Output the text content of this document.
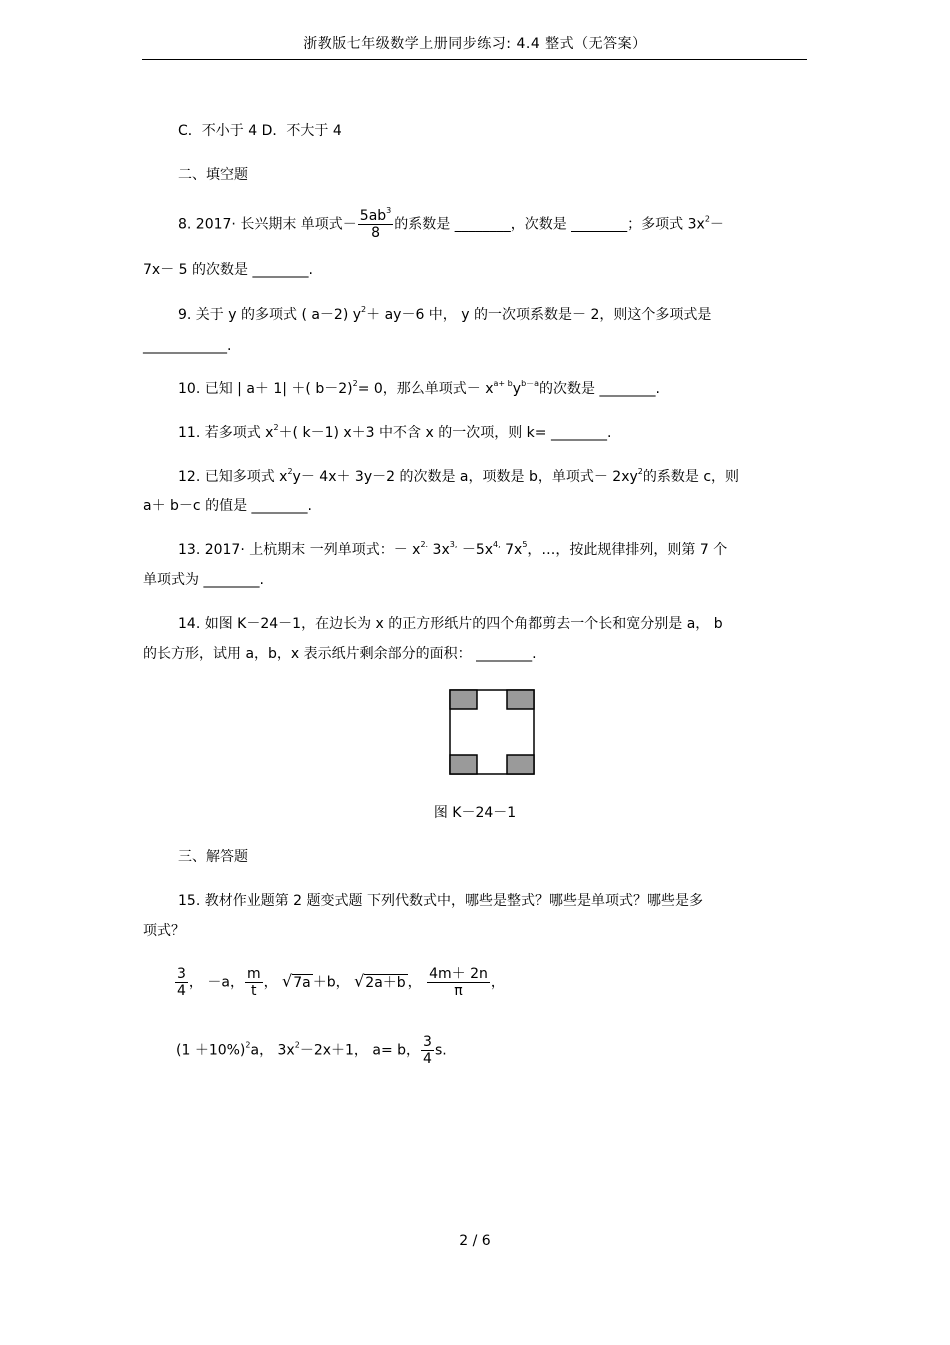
浙教版七年级数学上册同步练习: 4.4 整式（无答案）
C．不小于 4 D．不大于 4
二、填空题
8. 2017· 长兴期末 单项式－ $\frac{5ab^3}{8}$ 的系数是 ________，次数是 ________；多项式 $3x^2-$
7x－ 5 的次数是 ________.
9. 关于 y 的多项式 ( a－2) $y^2+ ay-6$ 中， y 的一次项系数是－ 2，则这个多项式是
____________.
10. 已知 | a＋ 1| ＋( b－2)$^2$= 0，那么单项式－ $x^{a+ b}y^{b-a}$的次数是 ________.
11. 若多项式 $x^2+$( k－1) x＋3 中不含 x 的一次项，则 k= ________.
12. 已知多项式 $x^2y- 4x+ 3y-2$ 的次数是 a，项数是 b，单项式－ $2xy^2$的系数是 c，则
a＋ b－c 的值是 ________.
13. 2017· 上杭期末 一列单项式：－ $x^{2.}$ $3x^{3,} -5x^{4,}$ $7x^5$，…，按此规律排列，则第 7 个
单项式为 ________.
14. 如图 K－24－1，在边长为 x 的正方形纸片的四个角都剪去一个长和宽分别是 a， b
的长方形，试用 a，b，x 表示纸片剩余部分的面积： ________.
图 K－24－1
三、解答题
15. 教材作业题第 2 题变式题 下列代数式中，哪些是整式？哪些是单项式？哪些是多
项式？
$\frac{3}{4}$ ， －a， $\frac{m}{t}$ ， √7a ＋b， √2a＋b ， $\frac{4m+ 2n}{\pi}$ ，
$(1 +10\%)^2a$， $3x^2-2x+1$， a= b， $\frac{3}{4} s$.
2 / 6
